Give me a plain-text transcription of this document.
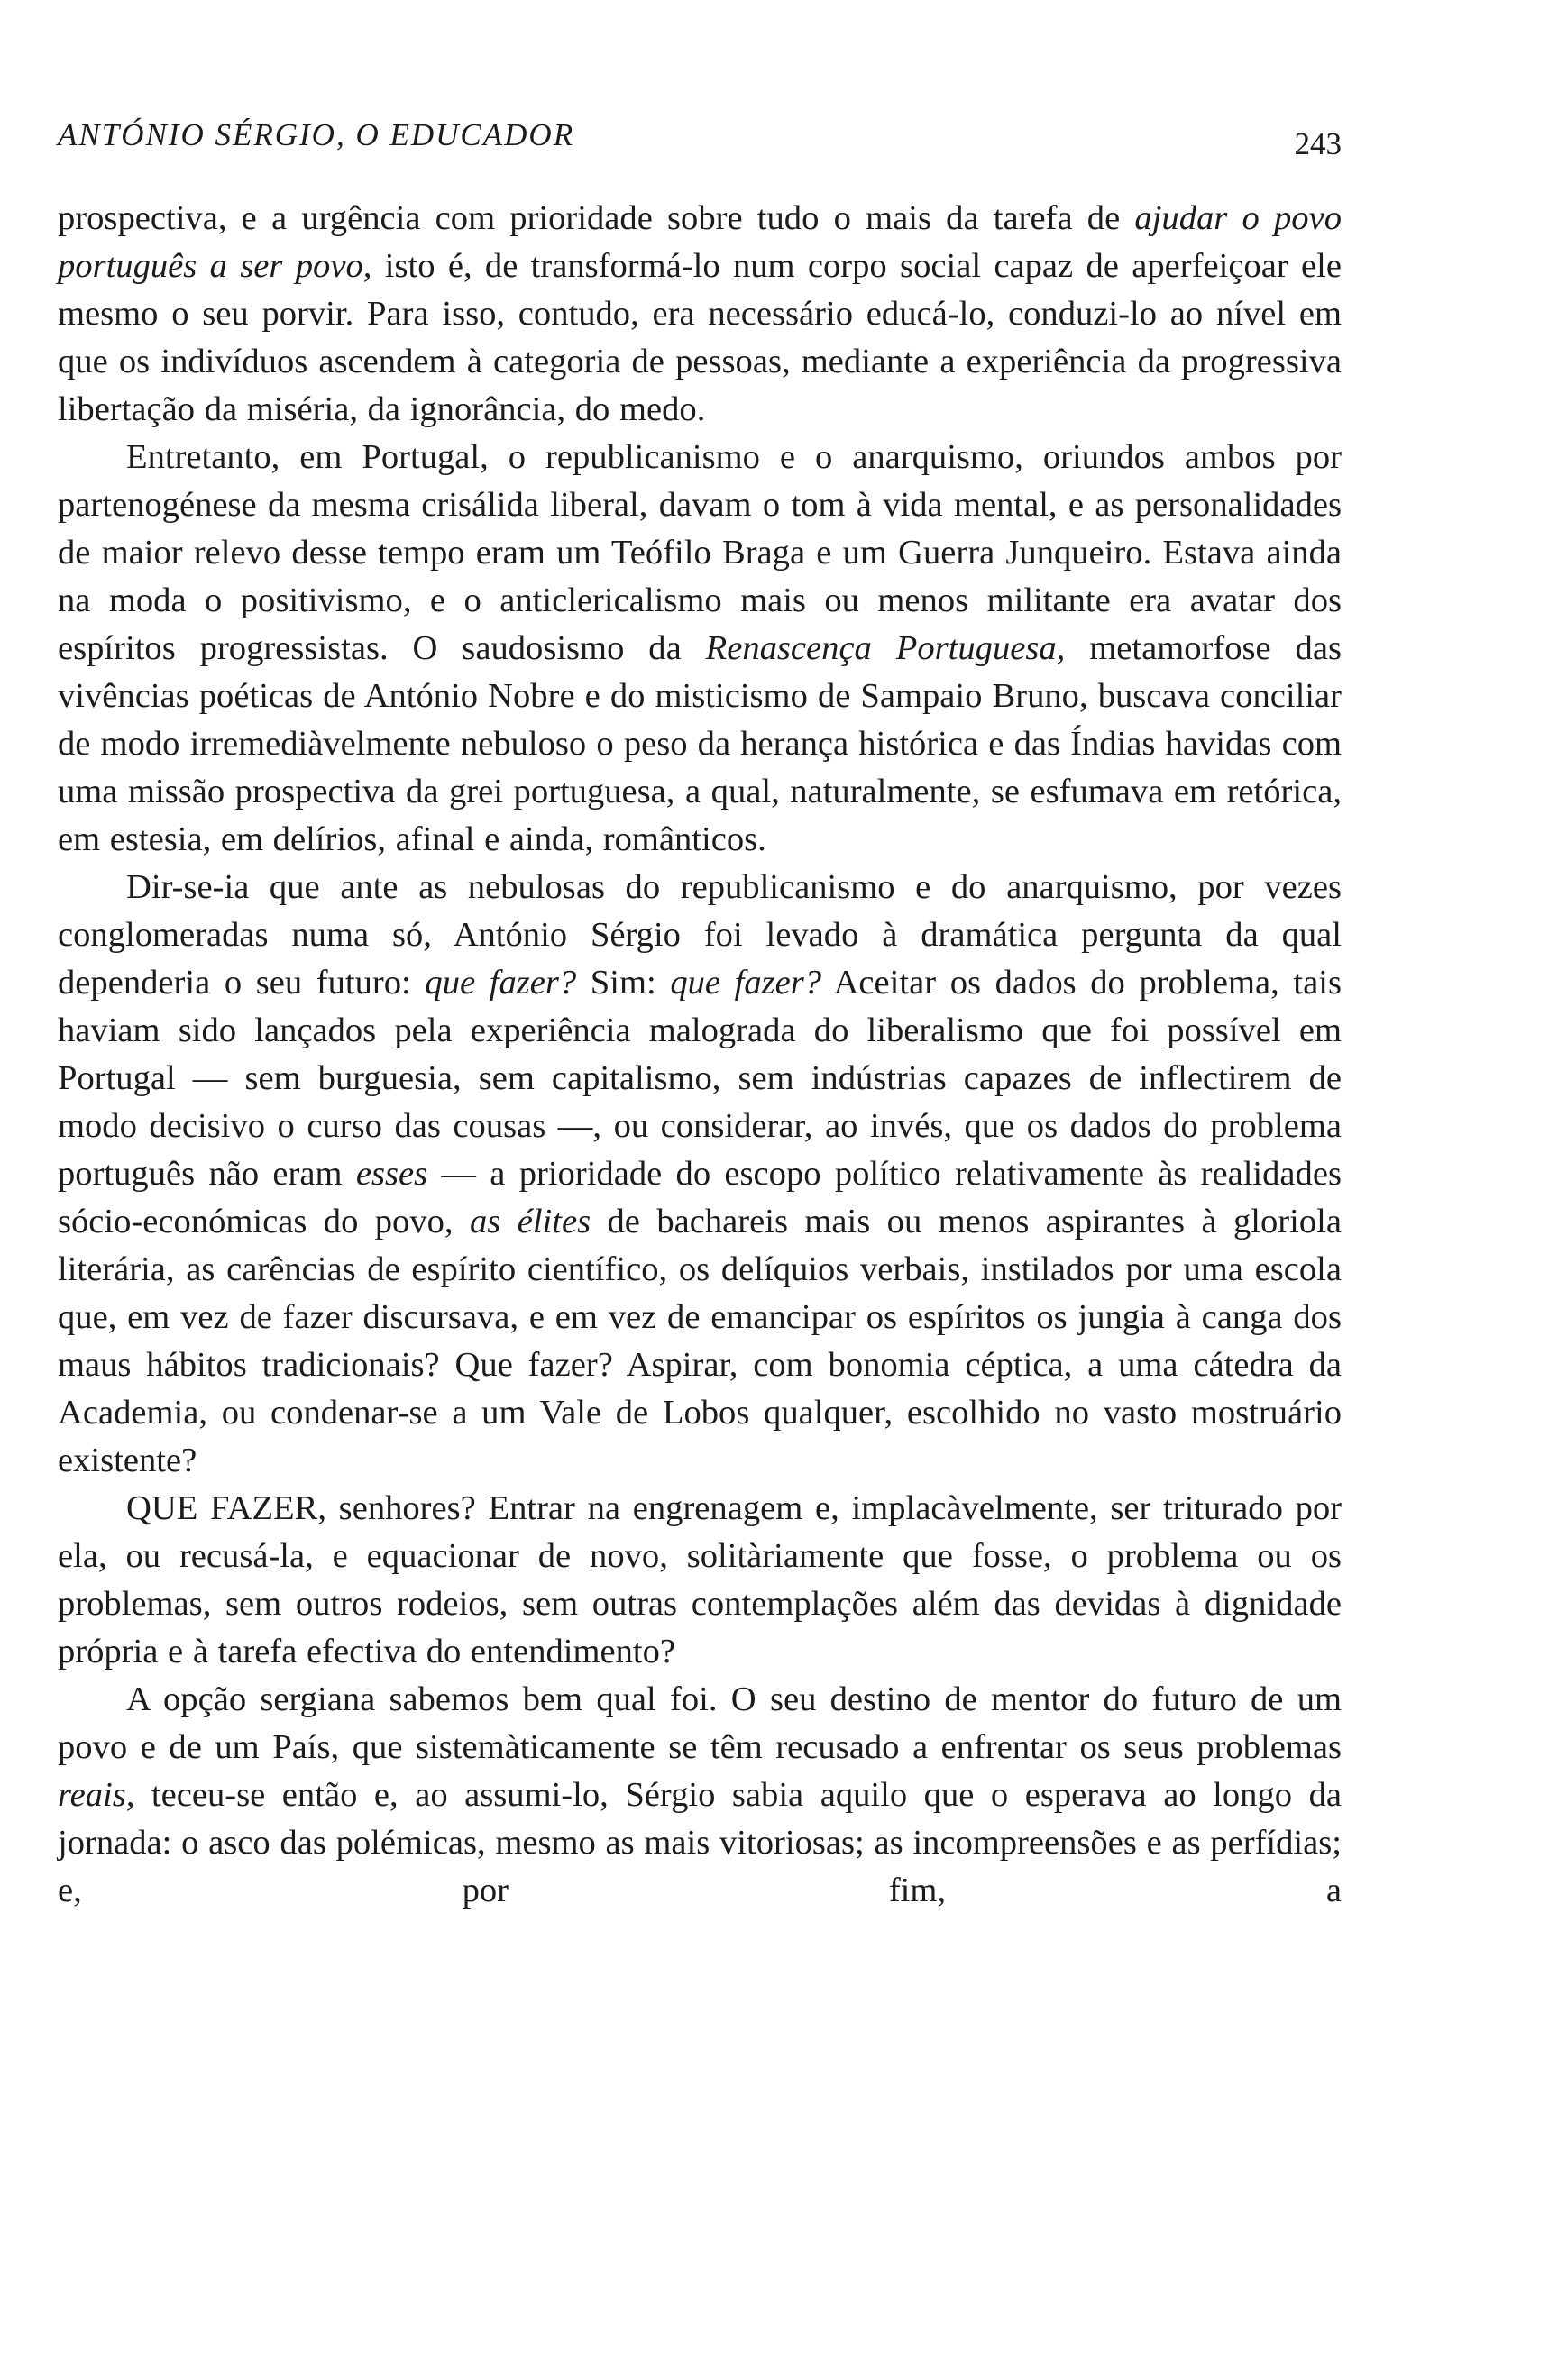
ANTÓNIO SÉRGIO, O EDUCADOR	243

prospectiva, e a urgência com prioridade sobre tudo o mais da tarefa de ajudar o povo português a ser povo, isto é, de transformá-lo num corpo social capaz de aperfeiçoar ele mesmo o seu porvir. Para isso, contudo, era necessário educá-lo, conduzi-lo ao nível em que os indivíduos ascendem à categoria de pessoas, mediante a experiência da progressiva libertação da miséria, da ignorância, do medo.

Entretanto, em Portugal, o republicanismo e o anarquismo, oriundos ambos por partenogénese da mesma crisálida liberal, davam o tom à vida mental, e as personalidades de maior relevo desse tempo eram um Teófilo Braga e um Guerra Junqueiro. Estava ainda na moda o positivismo, e o anticlericalismo mais ou menos militante era avatar dos espíritos progressistas. O saudosismo da Renascença Portuguesa, metamorfose das vivências poéticas de António Nobre e do misticismo de Sampaio Bruno, buscava conciliar de modo irremediàvelmente nebuloso o peso da herança histórica e das Índias havidas com uma missão prospectiva da grei portuguesa, a qual, naturalmente, se esfumava em retórica, em estesia, em delírios, afinal e ainda, românticos.

Dir-se-ia que ante as nebulosas do republicanismo e do anarquismo, por vezes conglomeradas numa só, António Sérgio foi levado à dramática pergunta da qual dependeria o seu futuro: que fazer? Sim: que fazer? Aceitar os dados do problema, tais haviam sido lançados pela experiência malograda do liberalismo que foi possível em Portugal — sem burguesia, sem capitalismo, sem indústrias capazes de inflectirem de modo decisivo o curso das cousas —, ou considerar, ao invés, que os dados do problema português não eram esses — a prioridade do escopo político relativamente às realidades sócio-económicas do povo, as élites de bachareis mais ou menos aspirantes à gloriola literária, as carências de espírito científico, os delíquios verbais, instilados por uma escola que, em vez de fazer discursava, e em vez de emancipar os espíritos os jungia à canga dos maus hábitos tradicionais? Que fazer? Aspirar, com bonomia céptica, a uma cátedra da Academia, ou condenar-se a um Vale de Lobos qualquer, escolhido no vasto mostruário existente?

QUE FAZER, senhores? Entrar na engrenagem e, implacàvelmente, ser triturado por ela, ou recusá-la, e equacionar de novo, solitàriamente que fosse, o problema ou os problemas, sem outros rodeios, sem outras contemplações além das devidas à dignidade própria e à tarefa efectiva do entendimento?

A opção sergiana sabemos bem qual foi. O seu destino de mentor do futuro de um povo e de um País, que sistemàticamente se têm recusado a enfrentar os seus problemas reais, teceu-se então e, ao assumi-lo, Sérgio sabia aquilo que o esperava ao longo da jornada: o asco das polémicas, mesmo as mais vitoriosas; as incompreensões e as perfídias; e, por fim, a
